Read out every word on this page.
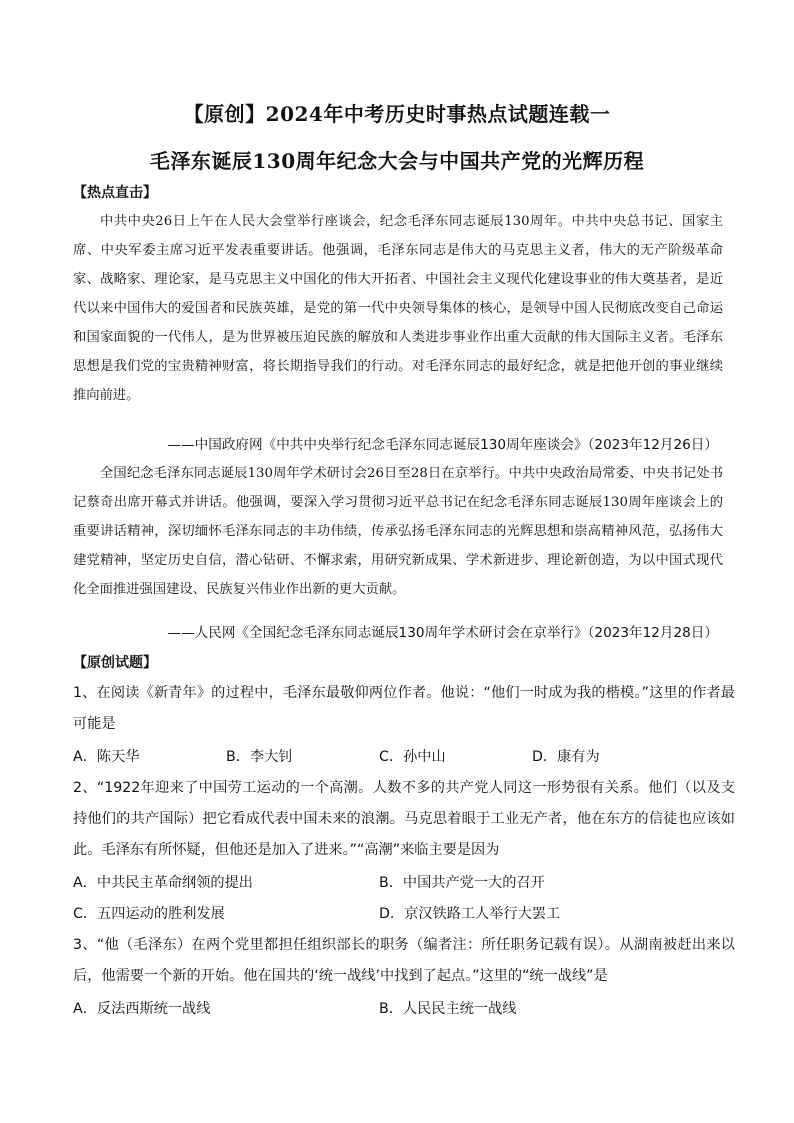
【原创】2024年中考历史时事热点试题连载一
毛泽东诞辰130周年纪念大会与中国共产党的光辉历程
【热点直击】

中共中央26日上午在人民大会堂举行座谈会，纪念毛泽东同志诞辰130周年。中共中央总书记、国家主席、中央军委主席习近平发表重要讲话。他强调，毛泽东同志是伟大的马克思主义者，伟大的无产阶级革命家、战略家、理论家，是马克思主义中国化的伟大开拓者、中国社会主义现代化建设事业的伟大奠基者，是近代以来中国伟大的爱国者和民族英雄，是党的第一代中央领导集体的核心，是领导中国人民彻底改变自己命运和国家面貌的一代伟人，是为世界被压迫民族的解放和人类进步事业作出重大贡献的伟大国际主义者。毛泽东思想是我们党的宝贵精神财富，将长期指导我们的行动。对毛泽东同志的最好纪念，就是把他开创的事业继续推向前进。

——中国政府网《中共中央举行纪念毛泽东同志诞辰130周年座谈会》（2023年12月26日）

全国纪念毛泽东同志诞辰130周年学术研讨会26日至28日在京举行。中共中央政治局常委、中央书记处书记蔡奇出席开幕式并讲话。他强调，要深入学习贯彻习近平总书记在纪念毛泽东同志诞辰130周年座谈会上的重要讲话精神，深切缅怀毛泽东同志的丰功伟绩，传承弘扬毛泽东同志的光辉思想和崇高精神风范，弘扬伟大建党精神，坚定历史自信，潜心钻研、不懈求索，用研究新成果、学术新进步、理论新创造，为以中国式现代化全面推进强国建设、民族复兴伟业作出新的更大贡献。

——人民网《全国纪念毛泽东同志诞辰130周年学术研讨会在京举行》（2023年12月28日）
【原创试题】

1、在阅读《新青年》的过程中，毛泽东最敬仰两位作者。他说：“他们一时成为我的楷模。”这里的作者最可能是

A．陈天华	B．李大钊	C．孙中山	D．康有为

2、“1922年迎来了中国劳工运动的一个高潮。人数不多的共产党人同这一形势很有关系。他们（以及支持他们的共产国际）把它看成代表中国未来的浪潮。马克思着眼于工业无产者，他在东方的信徒也应该如此。毛泽东有所怀疑，但他还是加入了进来。”“高潮”来临主要是因为

A．中共民主革命纲领的提出	B．中国共产党一大的召开
C．五四运动的胜利发展	D．京汉铁路工人举行大罢工

3、“他（毛泽东）在两个党里都担任组织部长的职务（编者注：所任职务记载有误）。从湖南被赶出来以后，他需要一个新的开始。他在国共的‘统一战线’中找到了起点。”这里的“统一战线”是

A．反法西斯统一战线	B．人民民主统一战线
